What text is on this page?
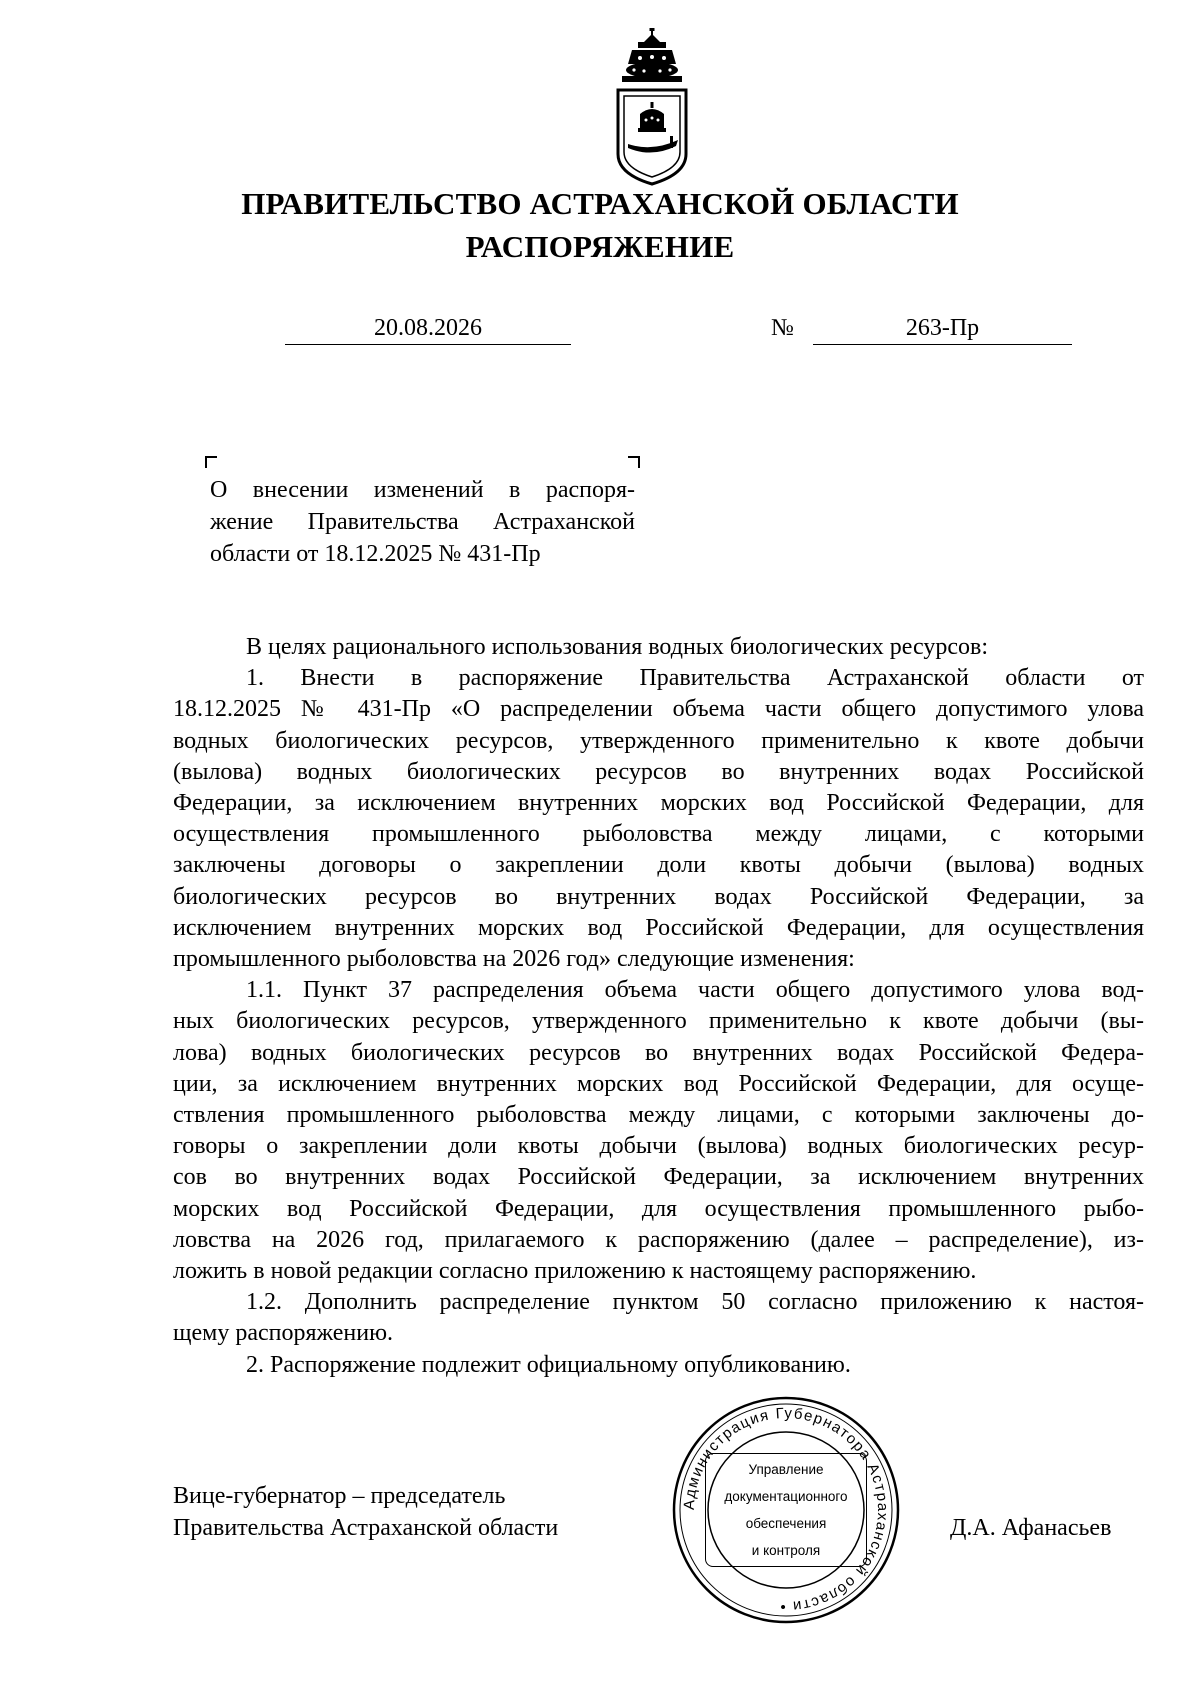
ПРАВИТЕЛЬСТВО АСТРАХАНСКОЙ ОБЛАСТИ
РАСПОРЯЖЕНИЕ
20.08.2026	№	263-Пр
О внесении изменений в распоря-
жение Правительства Астраханской
области от 18.12.2025 № 431-Пр
В целях рационального использования водных биологических ресурсов:
1. Внести в распоряжение Правительства Астраханской области от
18.12.2025 № 431-Пр «О распределении объема части общего допустимого улова
водных биологических ресурсов, утвержденного применительно к квоте добычи
(вылова) водных биологических ресурсов во внутренних водах Российской
Федерации, за исключением внутренних морских вод Российской Федерации, для
осуществления промышленного рыболовства между лицами, с которыми
заключены договоры о закреплении доли квоты добычи (вылова) водных
биологических ресурсов во внутренних водах Российской Федерации, за
исключением внутренних морских вод Российской Федерации, для осуществления
промышленного рыболовства на 2026 год» следующие изменения:
1.1. Пункт 37 распределения объема части общего допустимого улова вод-
ных биологических ресурсов, утвержденного применительно к квоте добычи (вы-
лова) водных биологических ресурсов во внутренних водах Российской Федера-
ции, за исключением внутренних морских вод Российской Федерации, для осуще-
ствления промышленного рыболовства между лицами, с которыми заключены до-
говоры о закреплении доли квоты добычи (вылова) водных биологических ресур-
сов во внутренних водах Российской Федерации, за исключением внутренних
морских вод Российской Федерации, для осуществления промышленного рыбо-
ловства на 2026 год, прилагаемого к распоряжению (далее – распределение), из-
ложить в новой редакции согласно приложению к настоящему распоряжению.
1.2. Дополнить распределение пунктом 50 согласно приложению к настоя-
щему распоряжению.
2. Распоряжение подлежит официальному опубликованию.
Вице-губернатор – председатель
Правительства Астраханской области	Д.А. Афанасьев
Администрация Губернатора Астраханской области •
Управление
документационного
обеспечения
и контроля
